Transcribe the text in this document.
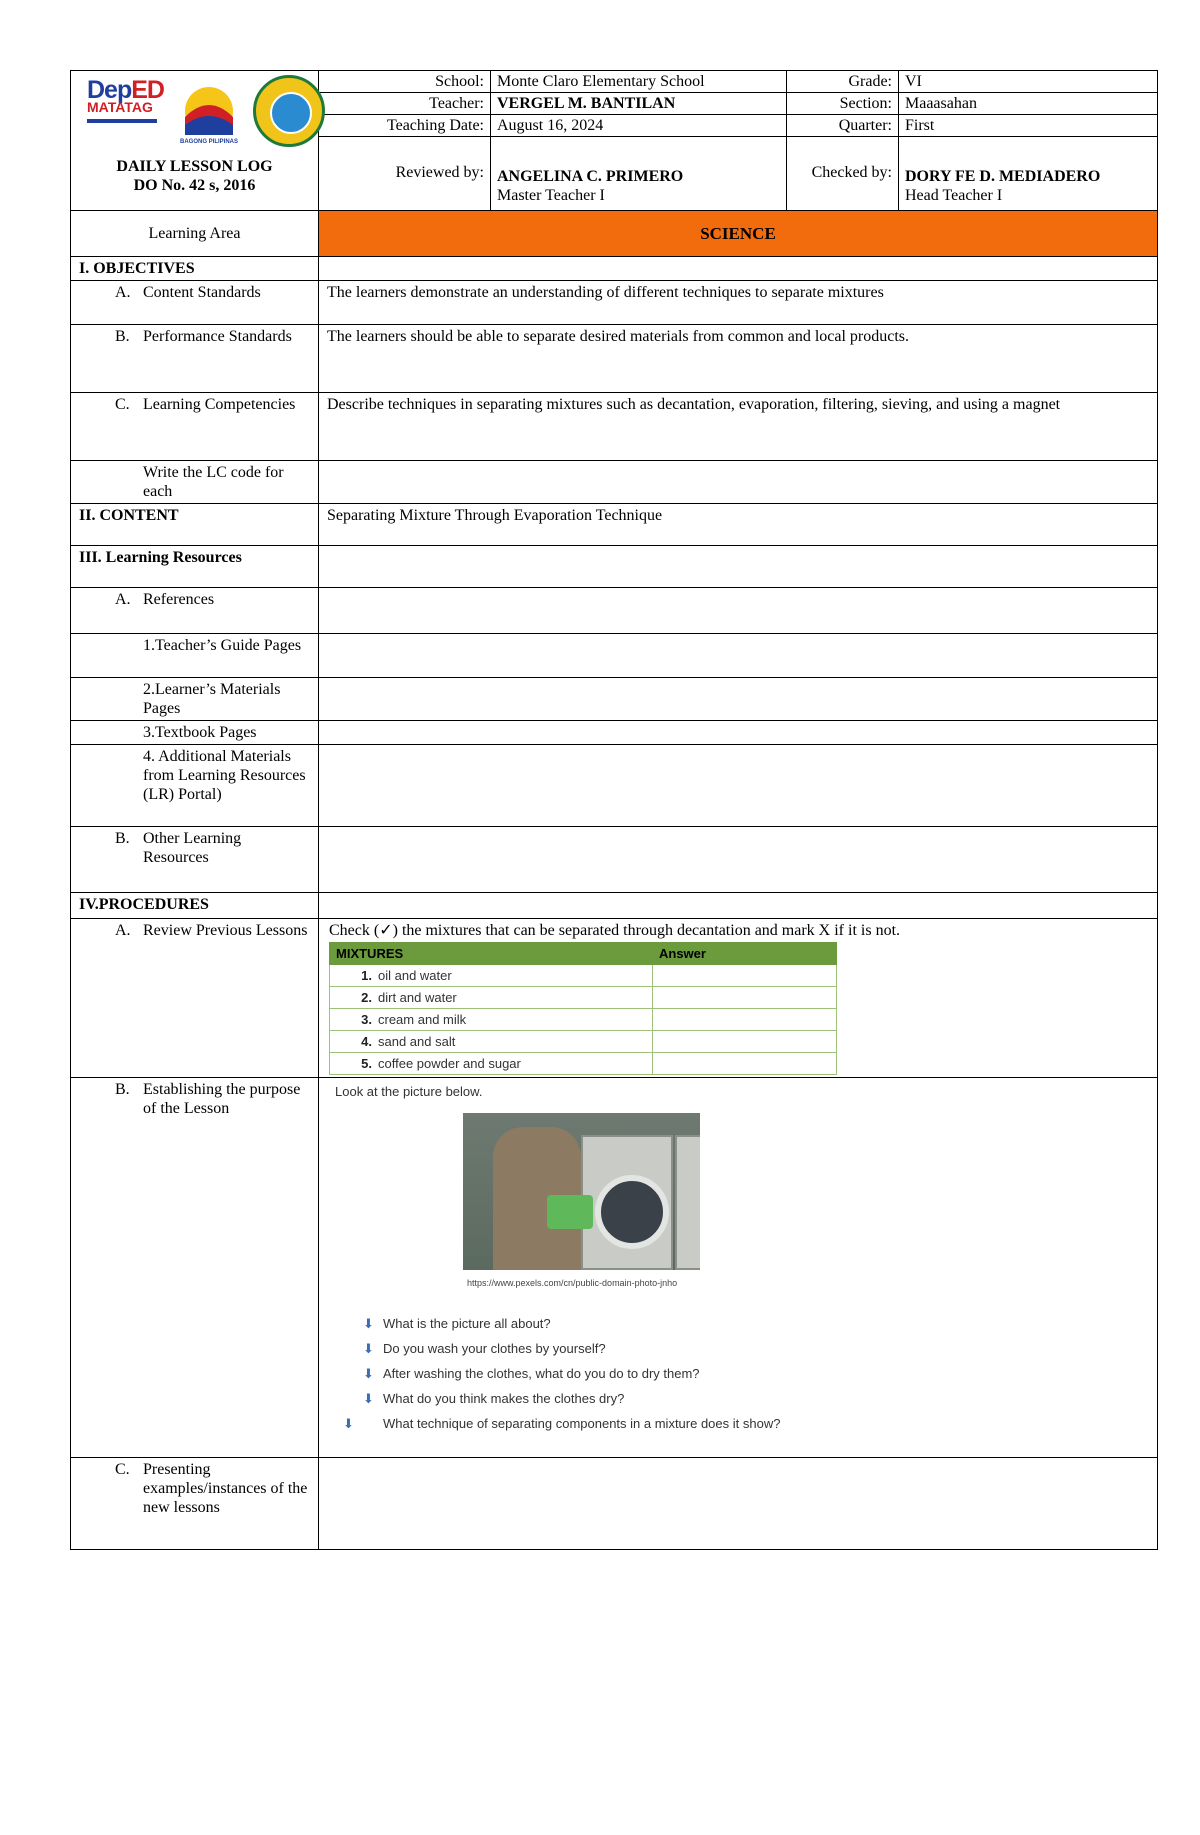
DepED
MATATAG
BAGONG PILIPINAS
DAILY LESSON LOG
DO No. 42 s, 2016
	School:	Monte Claro Elementary School	Grade:	VI
Teacher:	VERGEL M. BANTILAN	Section:	Maaasahan
Teaching Date:	August 16, 2024	Quarter:	First
Reviewed by:	ANGELINA C. PRIMERO
Master Teacher I
	Checked by:	DORY FE D. MEDIADERO
Head Teacher I

Learning Area	SCIENCE
I. OBJECTIVES	

A. Content Standards	The learners demonstrate an understanding of different techniques to separate mixtures

B. Performance Standards	The learners should be able to separate desired materials from common and local products.

C. Learning Competencies	Describe techniques in separating mixtures such as decantation, evaporation, filtering, sieving, and using a magnet
Write the LC code for each	
II. CONTENT	Separating Mixture Through Evaporation Technique
III. Learning Resources	

A. References

1.Teacher’s Guide Pages	
2.Learner’s Materials Pages	
3.Textbook Pages	
4. Additional Materials from Learning Resources (LR) Portal)	

B. Other Learning Resources

IV.PROCEDURES	

A. Review Previous Lessons	Check (✓) the mixtures that can be separated through decantation and mark X if it is not.
MIXTURES	Answer
1. oil and water	
2. dirt and water	
3. cream and milk	
4. sand and salt	
5. coffee powder and sugar	

B. Establishing the purpose of the Lesson

Look at the picture below.
https://www.pexels.com/cn/public-domain-photo-jnho
⬇ What is the picture all about?
⬇ Do you wash your clothes by yourself?
⬇ After washing the clothes, what do you do to dry them?
⬇ What do you think makes the clothes dry?
⬇ What technique of separating components in a mixture does it show?

C. Presenting examples/instances of the new lessons
